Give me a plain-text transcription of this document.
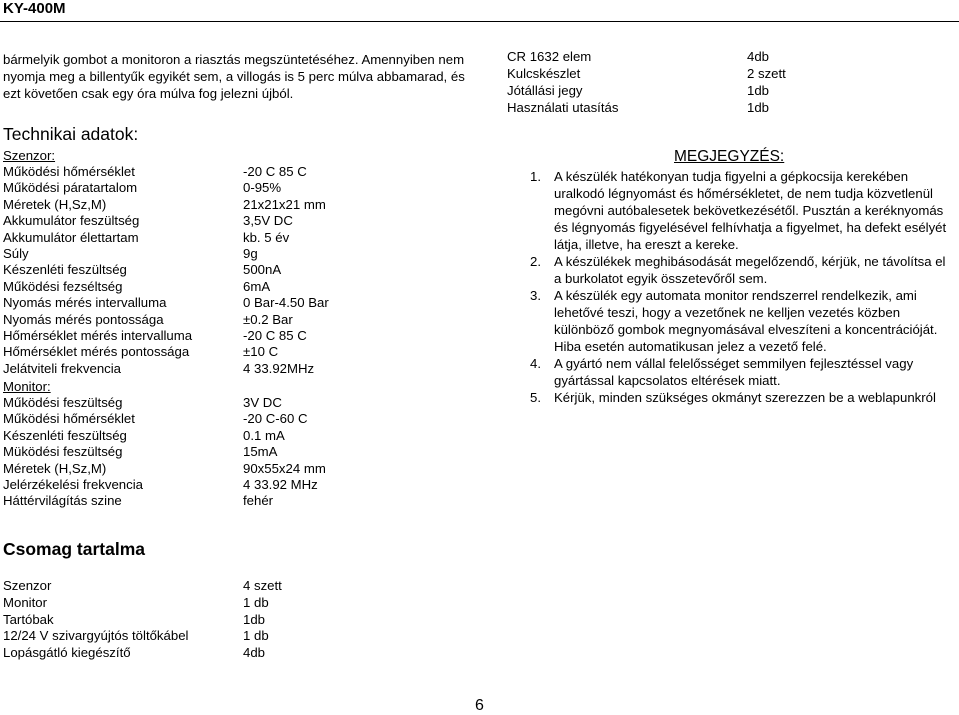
KY-400M
bármelyik gombot a monitoron a riasztás megszüntetéséhez. Amennyiben nem nyomja meg a billentyűk egyikét sem, a villogás is 5 perc múlva abbamarad, és ezt követően csak egy óra múlva fog jelezni újból.
CR 1632 elem	4db
Kulcskészlet	2 szett
Jótállási jegy	1db
Használati utasítás	1db
Technikai adatok:
Szenzor:
Működési hőmérséklet	-20 C 85 C
Működési páratartalom	0-95%
Méretek (H,Sz,M)	21x21x21 mm
Akkumulátor feszültség	3,5V DC
Akkumulátor élettartam	kb. 5 év
Súly	9g
Készenléti feszültség	500nA
Működési fezséltség	6mA
Nyomás mérés intervalluma	0 Bar-4.50 Bar
Nyomás mérés pontossága	±0.2 Bar
Hőmérséklet mérés intervalluma	-20 C 85 C
Hőmérséklet mérés pontossága	±10 C
Jelátviteli frekvencia	4 33.92MHz
Monitor:
Működési feszültség	3V DC
Működési hőmérséklet	-20 C-60 C
Készenléti feszültség	0.1 mA
Müködési feszültség	15mA
Méretek (H,Sz,M)	90x55x24 mm
Jelérzékelési frekvencia	4 33.92 MHz
Háttérvilágítás szine	fehér
Csomag tartalma
Szenzor	4 szett
Monitor	1 db
Tartóbak	1db
12/24 V szivargyújtós töltőkábel	1 db
Lopásgátló kiegészítő	4db
MEGJEGYZÉS:
1. A készülék hatékonyan tudja figyelni a gépkocsija kerekében uralkodó légnyomást és hőmérsékletet, de nem tudja közvetlenül megóvni autóbalesetek bekövetkezésétől. Pusztán a keréknyomás és légnyomás figyelésével felhívhatja a figyelmet, ha defekt esélyét látja, illetve, ha ereszt a kereke.
2. A készülékek meghibásodását megelőzendő, kérjük, ne távolítsa el a burkolatot egyik összetevőről sem.
3. A készülék egy automata monitor rendszerrel rendelkezik, ami lehetővé teszi, hogy a vezetőnek ne kelljen vezetés közben különböző gombok megnyomásával elveszíteni a koncentrációját. Hiba esetén automatikusan jelez a vezető felé.
4. A gyártó nem vállal felelősséget semmilyen fejlesztéssel vagy gyártással kapcsolatos eltérések miatt.
5. Kérjük, minden szükséges okmányt szerezzen be a weblapunkról
6
